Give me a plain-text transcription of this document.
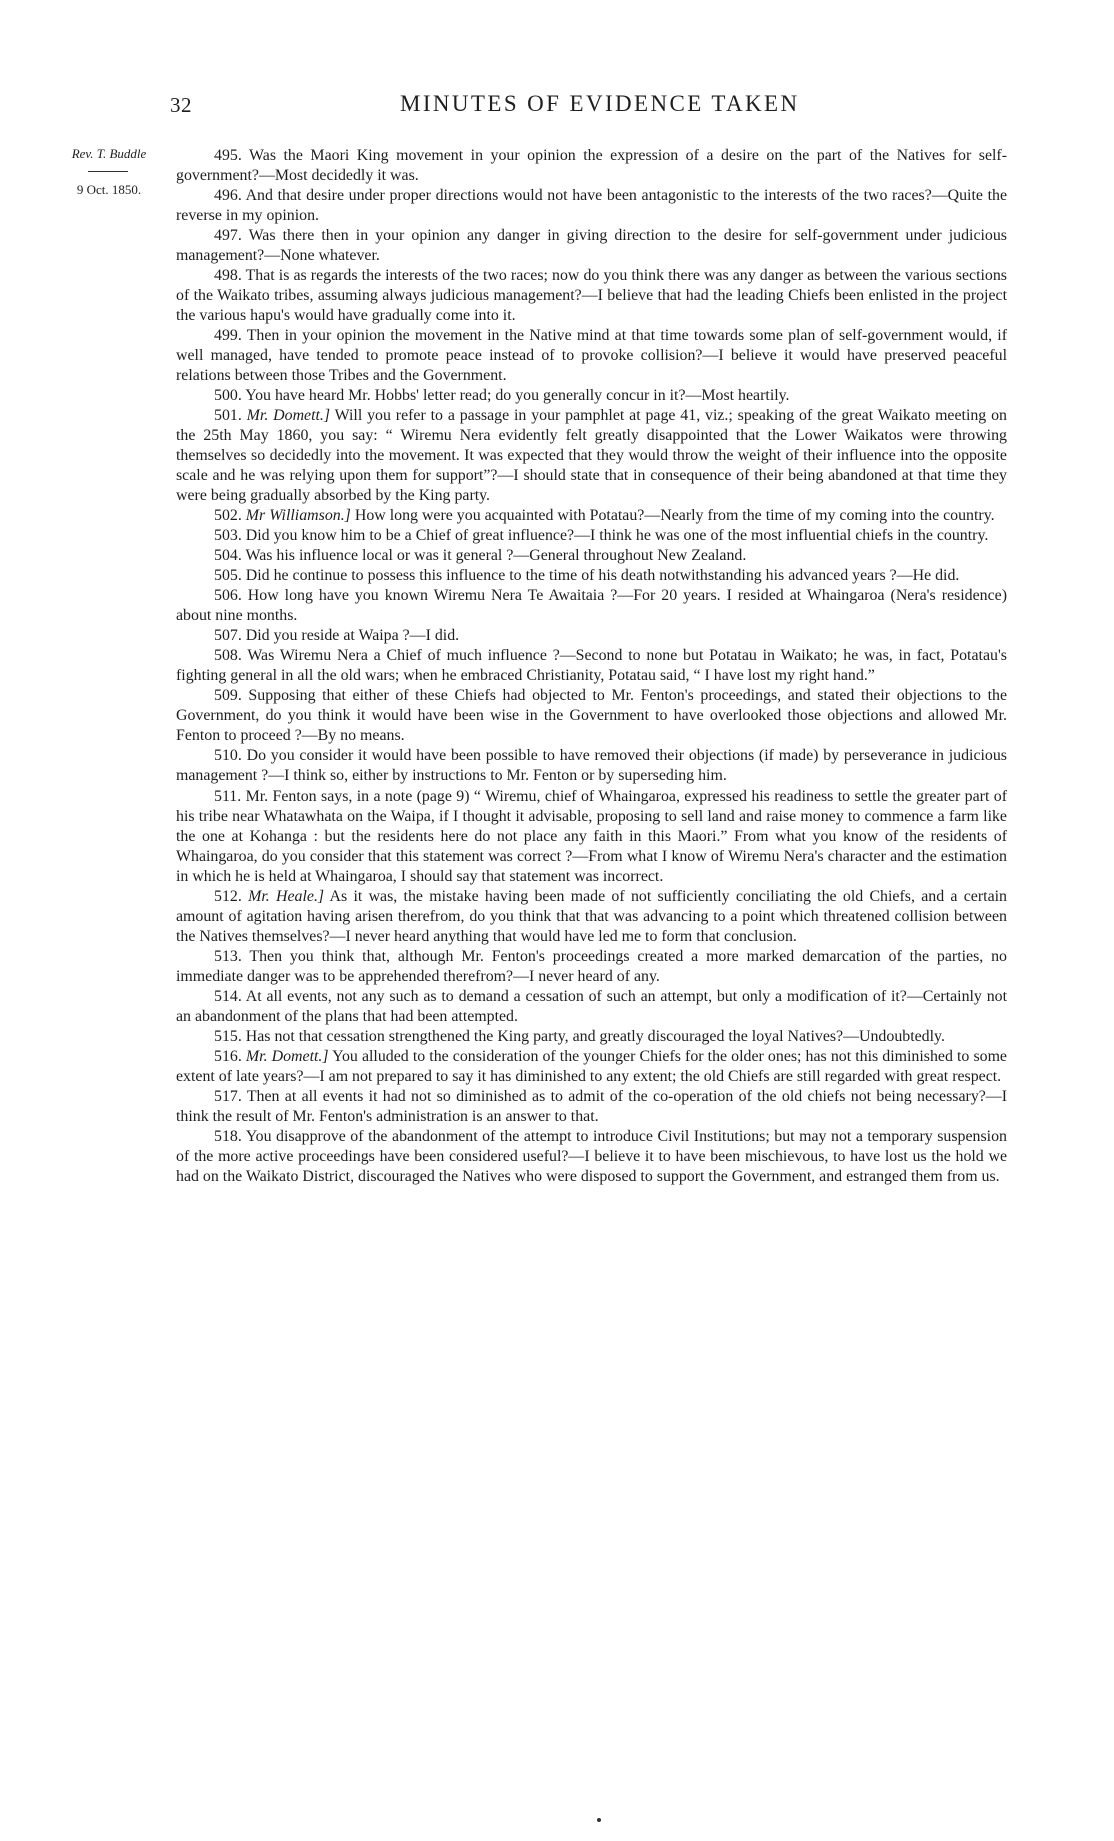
32	MINUTES OF EVIDENCE TAKEN
Rev. T. Buddle
9 Oct. 1850.

495. Was the Maori King movement in your opinion the expression of a desire on the part of the Natives for self-government?—Most decidedly it was.

496. And that desire under proper directions would not have been antagonistic to the interests of the two races?—Quite the reverse in my opinion.

497. Was there then in your opinion any danger in giving direction to the desire for self-government under judicious management?—None whatever.

498. That is as regards the interests of the two races; now do you think there was any danger as between the various sections of the Waikato tribes, assuming always judicious management?—I believe that had the leading Chiefs been enlisted in the project the various hapu's would have gradually come into it.

499. Then in your opinion the movement in the Native mind at that time towards some plan of self-government would, if well managed, have tended to promote peace instead of to provoke collision?—I believe it would have preserved peaceful relations between those Tribes and the Government.

500. You have heard Mr. Hobbs' letter read; do you generally concur in it?—Most heartily.

501. Mr. Domett.] Will you refer to a passage in your pamphlet at page 41, viz.; speaking of the great Waikato meeting on the 25th May 1860, you say: “ Wiremu Nera evidently felt greatly disappointed that the Lower Waikatos were throwing themselves so decidedly into the movement. It was expected that they would throw the weight of their influence into the opposite scale and he was relying upon them for support”?—I should state that in consequence of their being abandoned at that time they were being gradually absorbed by the King party.

502. Mr Williamson.] How long were you acquainted with Potatau?—Nearly from the time of my coming into the country.

503. Did you know him to be a Chief of great influence?—I think he was one of the most influential chiefs in the country.

504. Was his influence local or was it general ?—General throughout New Zealand.

505. Did he continue to possess this influence to the time of his death notwithstanding his advanced years ?—He did.

506. How long have you known Wiremu Nera Te Awaitaia ?—For 20 years. I resided at Whaingaroa (Nera's residence) about nine months.

507. Did you reside at Waipa ?—I did.

508. Was Wiremu Nera a Chief of much influence ?—Second to none but Potatau in Waikato; he was, in fact, Potatau's fighting general in all the old wars; when he embraced Christianity, Potatau said, “ I have lost my right hand.”

509. Supposing that either of these Chiefs had objected to Mr. Fenton's proceedings, and stated their objections to the Government, do you think it would have been wise in the Government to have overlooked those objections and allowed Mr. Fenton to proceed ?—By no means.

510. Do you consider it would have been possible to have removed their objections (if made) by perseverance in judicious management ?—I think so, either by instructions to Mr. Fenton or by superseding him.

511. Mr. Fenton says, in a note (page 9) “ Wiremu, chief of Whaingaroa, expressed his readiness to settle the greater part of his tribe near Whatawhata on the Waipa, if I thought it advisable, proposing to sell land and raise money to commence a farm like the one at Kohanga : but the residents here do not place any faith in this Maori.” From what you know of the residents of Whaingaroa, do you consider that this statement was correct ?—From what I know of Wiremu Nera's character and the estimation in which he is held at Whaingaroa, I should say that statement was incorrect.

512. Mr. Heale.] As it was, the mistake having been made of not sufficiently conciliating the old Chiefs, and a certain amount of agitation having arisen therefrom, do you think that that was advancing to a point which threatened collision between the Natives themselves?—I never heard anything that would have led me to form that conclusion.

513. Then you think that, although Mr. Fenton's proceedings created a more marked demarcation of the parties, no immediate danger was to be apprehended therefrom?—I never heard of any.

514. At all events, not any such as to demand a cessation of such an attempt, but only a modification of it?—Certainly not an abandonment of the plans that had been attempted.

515. Has not that cessation strengthened the King party, and greatly discouraged the loyal Natives?—Undoubtedly.

516. Mr. Domett.] You alluded to the consideration of the younger Chiefs for the older ones; has not this diminished to some extent of late years?—I am not prepared to say it has diminished to any extent; the old Chiefs are still regarded with great respect.

517. Then at all events it had not so diminished as to admit of the co-operation of the old chiefs not being necessary?—I think the result of Mr. Fenton's administration is an answer to that.

518. You disapprove of the abandonment of the attempt to introduce Civil Institutions; but may not a temporary suspension of the more active proceedings have been considered useful?—I believe it to have been mischievous, to have lost us the hold we had on the Waikato District, discouraged the Natives who were disposed to support the Government, and estranged them from us.
